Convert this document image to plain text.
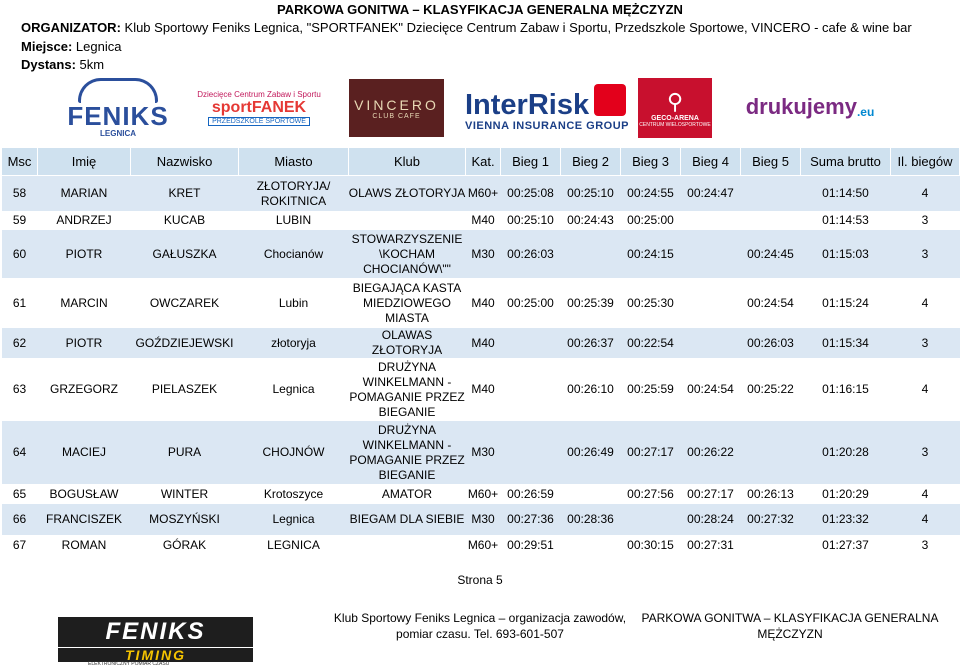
PARKOWA GONITWA – KLASYFIKACJA GENERALNA MĘŻCZYZN
ORGANIZATOR: Klub Sportowy Feniks Legnica, "SPORTFANEK" Dziecięce Centrum Zabaw i Sportu, Przedszkole Sportowe, VINCERO - cafe & wine bar
Miejsce: Legnica
Dystans: 5km
FENIKS
LEGNICA
Dziecięce Centrum Zabaw i Sportu
sportFANEK
PRZEDSZKOLE SPORTOWE
VINCERO
CLUB CAFE InterRisk
VIENNA INSURANCE GROUP
⚲
GECO-ARENA
CENTRUM WIELOSPORTOWE
drukujemy .eu
Msc	Imię	Nazwisko	Miasto	Klub	Kat.	Bieg 1	Bieg 2	Bieg 3	Bieg 4	Bieg 5	Suma brutto	Il. biegów
58	MARIAN	KRET	ZŁOTORYJA/ ROKITNICA	OLAWS ZŁOTORYJA	M60+	00:25:08	00:25:10	00:24:55	00:24:47		01:14:50	4
59	ANDRZEJ	KUCAB	LUBIN		M40	00:25:10	00:24:43	00:25:00			01:14:53	3
60	PIOTR	GAŁUSZKA	Chocianów	STOWARZYSZENIE \KOCHAM CHOCIANÓW\""	M30	00:26:03		00:24:15		00:24:45	01:15:03	3
61	MARCIN	OWCZAREK	Lubin	BIEGAJĄCA KASTA MIEDZIOWEGO MIASTA	M40	00:25:00	00:25:39	00:25:30		00:24:54	01:15:24	4
62	PIOTR	GOŹDZIEJEWSKI	złotoryja	OLAWAS ZŁOTORYJA	M40		00:26:37	00:22:54		00:26:03	01:15:34	3
63	GRZEGORZ	PIELASZEK	Legnica	DRUŻYNA WINKELMANN - POMAGANIE PRZEZ BIEGANIE	M40		00:26:10	00:25:59	00:24:54	00:25:22	01:16:15	4
64	MACIEJ	PURA	CHOJNÓW	DRUŻYNA WINKELMANN - POMAGANIE PRZEZ BIEGANIE	M30		00:26:49	00:27:17	00:26:22		01:20:28	3
65	BOGUSŁAW	WINTER	Krotoszyce	AMATOR	M60+	00:26:59		00:27:56	00:27:17	00:26:13	01:20:29	4
66	FRANCISZEK	MOSZYŃSKI	Legnica	BIEGAM DLA SIEBIE	M30	00:27:36	00:28:36		00:28:24	00:27:32	01:23:32	4
67	ROMAN	GÓRAK	LEGNICA		M60+	00:29:51		00:30:15	00:27:31		01:27:37	3
Strona 5
FENIKS
TIMING
ELEKTRONICZNY POMIAR CZASU
Klub Sportowy Feniks Legnica – organizacja zawodów,
pomiar czasu. Tel. 693-601-507
PARKOWA GONITWA – KLASYFIKACJA GENERALNA
MĘŻCZYZN
